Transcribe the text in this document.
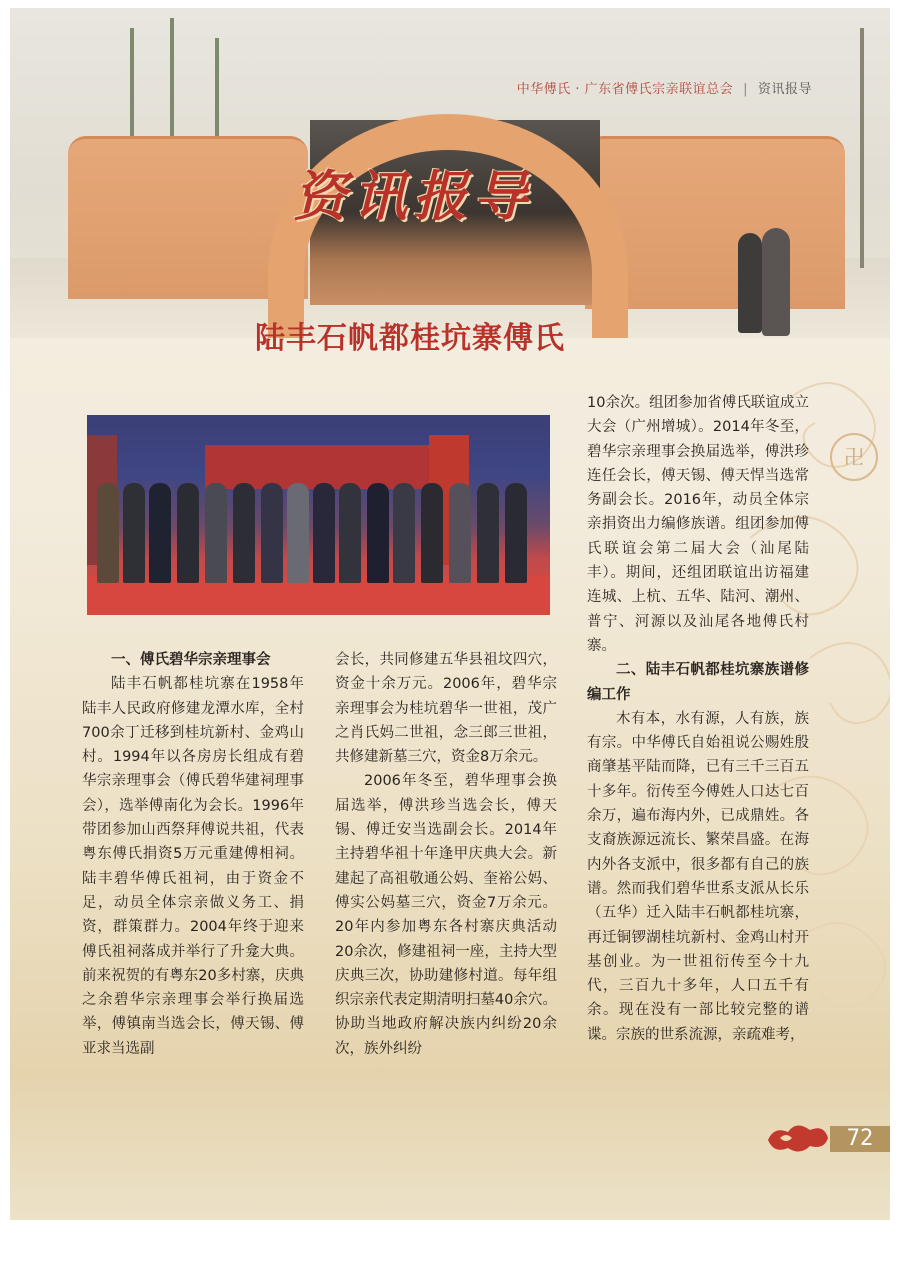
中华傅氏 · 广东省傅氏宗亲联谊总会 | 资讯报导
资讯报导
陆丰石帆都桂坑寨傅氏
卍
一、傅氏碧华宗亲理事会

陆丰石帆都桂坑寨在1958年陆丰人民政府修建龙潭水库，全村700余丁迁移到桂坑新村、金鸡山村。1994年以各房房长组成有碧华宗亲理事会（傅氏碧华建祠理事会），选举傅南化为会长。1996年带团参加山西祭拜傅说共祖，代表粤东傅氏捐资5万元重建傅相祠。陆丰碧华傅氏祖祠，由于资金不足，动员全体宗亲做义务工、捐资，群策群力。2004年终于迎来傅氏祖祠落成并举行了升龛大典。前来祝贺的有粤东20多村寨，庆典之余碧华宗亲理事会举行换届选举，傅镇南当选会长，傅天锡、傅亚求当选副

会长，共同修建五华县祖坟四穴，资金十余万元。2006年，碧华宗亲理事会为桂坑碧华一世祖，茂广之肖氏妈二世祖，念三郎三世祖，共修建新墓三穴，资金8万余元。

2006年冬至，碧华理事会换届选举，傅洪珍当选会长，傅天锡、傅迁安当选副会长。2014年主持碧华祖十年逢甲庆典大会。新建起了高祖敬通公妈、奎裕公妈、傅实公妈墓三穴，资金7万余元。20年内参加粤东各村寨庆典活动20余次，修建祖祠一座，主持大型庆典三次，协助建修村道。每年组织宗亲代表定期清明扫墓40余穴。协助当地政府解决族内纠纷20余次，族外纠纷

10余次。组团参加省傅氏联谊成立大会（广州增城）。2014年冬至，碧华宗亲理事会换届选举，傅洪珍连任会长，傅天锡、傅天悍当选常务副会长。2016年，动员全体宗亲捐资出力编修族谱。组团参加傅氏联谊会第二届大会（汕尾陆丰）。期间，还组团联谊出访福建连城、上杭、五华、陆河、潮州、普宁、河源以及汕尾各地傅氏村寨。

二、陆丰石帆都桂坑寨族谱修编工作

木有本，水有源，人有族，族有宗。中华傅氏自始祖说公赐姓殷商肇基平陆而降，已有三千三百五十多年。衍传至今傅姓人口达七百余万，遍布海内外，已成鼎姓。各支裔族源远流长、繁荣昌盛。在海内外各支派中，很多都有自己的族谱。然而我们碧华世系支派从长乐（五华）迁入陆丰石帆都桂坑寨，再迁铜锣湖桂坑新村、金鸡山村开基创业。为一世祖衍传至今十九代，三百九十多年，人口五千有余。现在没有一部比较完整的谱谍。宗族的世系流源，亲疏难考，

72
